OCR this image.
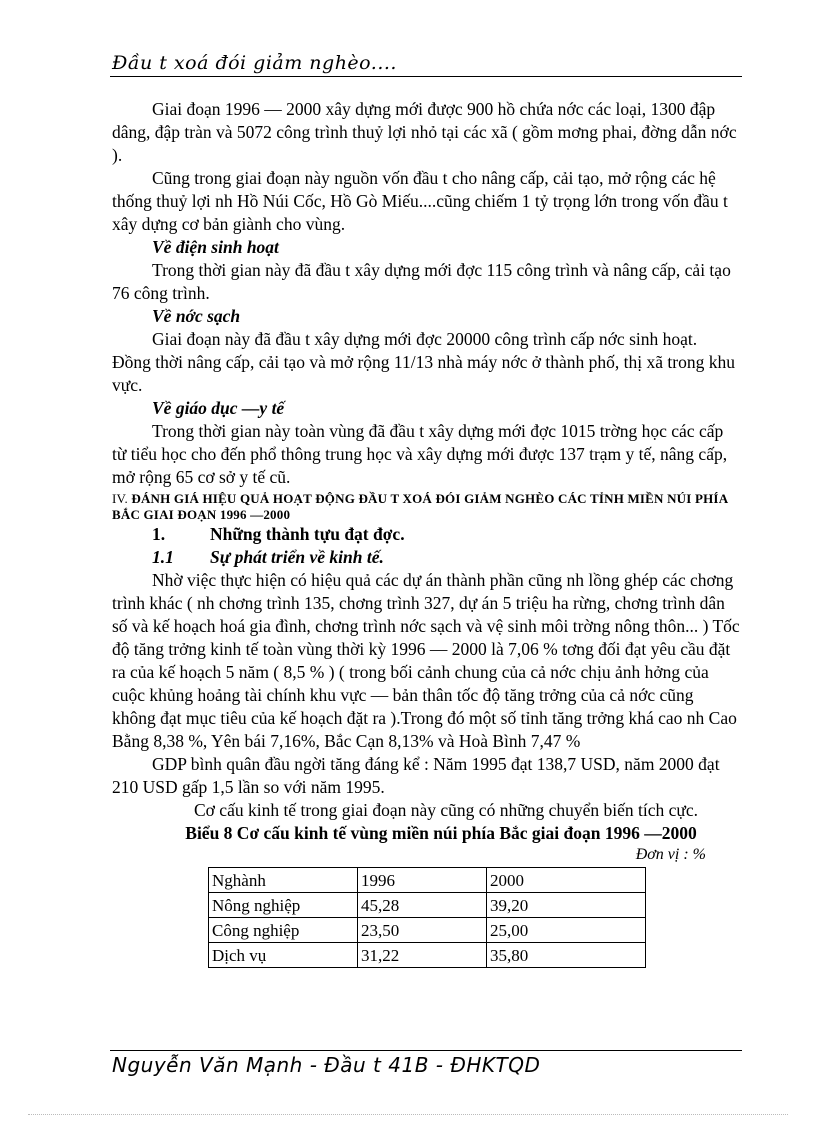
Đầu t xoá đói giảm nghèo....

Giai đoạn 1996 — 2000 xây dựng mới được 900 hồ chứa nớc các loại, 1300 đập dâng, đập tràn và 5072 công trình thuỷ lợi nhỏ tại các xã ( gồm mơng phai, đờng dẫn nớc ).

Cũng trong giai đoạn này nguồn vốn đầu t cho nâng cấp, cải tạo, mở rộng các hệ thống thuỷ lợi nh Hồ Núi Cốc, Hồ Gò Miếu....cũng chiếm 1 tỷ trọng lớn trong vốn đầu t xây dựng cơ bản giành cho vùng.

Về điện sinh hoạt

Trong thời gian này đã đầu t xây dựng mới đợc 115 công trình và nâng cấp, cải tạo 76 công trình.

Về nớc sạch

Giai đoạn này đã đầu t xây dựng mới đợc 20000 công trình cấp nớc sinh hoạt. Đồng thời nâng cấp, cải tạo và mở rộng 11/13 nhà máy nớc ở thành phố, thị xã trong khu vực.

Về giáo dục —y tế

Trong thời gian này toàn vùng đã đầu t xây dựng mới đợc 1015 trờng học các cấp từ tiểu học cho đến phổ thông trung học và xây dựng mới được 137 trạm y tế, nâng cấp, mở rộng 65 cơ sở y tế cũ.

IV. ĐÁNH GIÁ HIỆU QUẢ HOẠT ĐỘNG ĐẦU T XOÁ ĐÓI GIẢM NGHÈO CÁC TỈNH MIỀN NÚI PHÍA BẮC GIAI ĐOẠN 1996 —2000

1.	Những thành tựu đạt đợc.
1.1	Sự phát triển về kinh tế.

Nhờ việc thực hiện có hiệu quả các dự án thành phần cũng nh lồng ghép các chơng trình khác ( nh chơng trình 135, chơng trình 327, dự án 5 triệu ha rừng, chơng trình dân số và kế hoạch hoá gia đình, chơng trình nớc sạch và vệ sinh môi trờng nông thôn... ) Tốc độ tăng trởng kinh tế toàn vùng thời kỳ 1996 — 2000 là 7,06 % tơng đối đạt yêu cầu đặt ra của kế hoạch 5 năm ( 8,5 % ) ( trong bối cảnh chung của cả nớc chịu ảnh hởng của cuộc khủng hoảng tài chính khu vực — bản thân tốc độ tăng trởng của cả nớc cũng không đạt mục tiêu của kế hoạch đặt ra ).Trong đó một số tỉnh tăng trởng khá cao nh Cao Bằng 8,38 %, Yên bái 7,16%, Bắc Cạn 8,13% và Hoà Bình 7,47 %

GDP bình quân đầu ngời tăng đáng kể : Năm 1995 đạt 138,7 USD, năm 2000 đạt 210 USD gấp 1,5 lần so với năm 1995.

Cơ cấu kinh tế trong giai đoạn này cũng có những chuyển biến tích cực.

Biểu 8 Cơ cấu kinh tế vùng miền núi phía Bắc giai đoạn 1996 —2000

Đơn vị : %

Nghành	1996	2000
Nông nghiệp	45,28	39,20
Công nghiệp	23,50	25,00
Dịch vụ	31,22	35,80
Nguyễn Văn Mạnh - Đầu t 41B - ĐHKTQD
